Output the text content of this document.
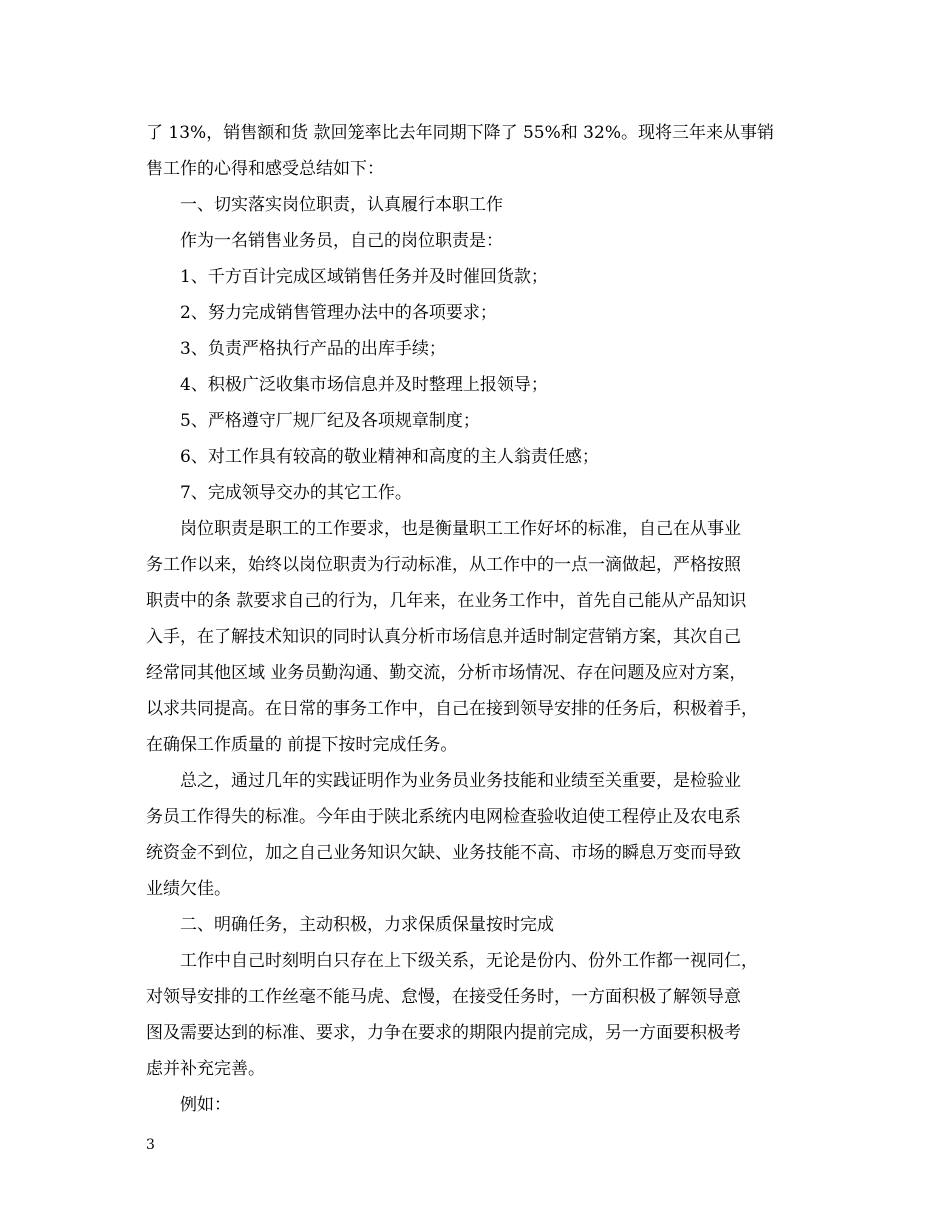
了 13%，销售额和货 款回笼率比去年同期下降了 55%和 32%。现将三年来从事销
售工作的心得和感受总结如下：
一、切实落实岗位职责，认真履行本职工作
作为一名销售业务员，自己的岗位职责是：
1、千方百计完成区域销售任务并及时催回货款；
2、努力完成销售管理办法中的各项要求；
3、负责严格执行产品的出库手续；
4、积极广泛收集市场信息并及时整理上报领导；
5、严格遵守厂规厂纪及各项规章制度；
6、对工作具有较高的敬业精神和高度的主人翁责任感；
7、完成领导交办的其它工作。
岗位职责是职工的工作要求，也是衡量职工工作好坏的标准，自己在从事业
务工作以来，始终以岗位职责为行动标准，从工作中的一点一滴做起，严格按照
职责中的条 款要求自己的行为，几年来，在业务工作中，首先自己能从产品知识
入手，在了解技术知识的同时认真分析市场信息并适时制定营销方案，其次自己
经常同其他区域 业务员勤沟通、勤交流，分析市场情况、存在问题及应对方案，
以求共同提高。在日常的事务工作中，自己在接到领导安排的任务后，积极着手，
在确保工作质量的 前提下按时完成任务。
总之，通过几年的实践证明作为业务员业务技能和业绩至关重要，是检验业
务员工作得失的标准。今年由于陕北系统内电网检查验收迫使工程停止及农电系
统资金不到位，加之自己业务知识欠缺、业务技能不高、市场的瞬息万变而导致
业绩欠佳。
二、明确任务，主动积极，力求保质保量按时完成
工作中自己时刻明白只存在上下级关系，无论是份内、份外工作都一视同仁，
对领导安排的工作丝毫不能马虎、怠慢，在接受任务时，一方面积极了解领导意
图及需要达到的标准、要求，力争在要求的期限内提前完成，另一方面要积极考
虑并补充完善。
例如：
3
